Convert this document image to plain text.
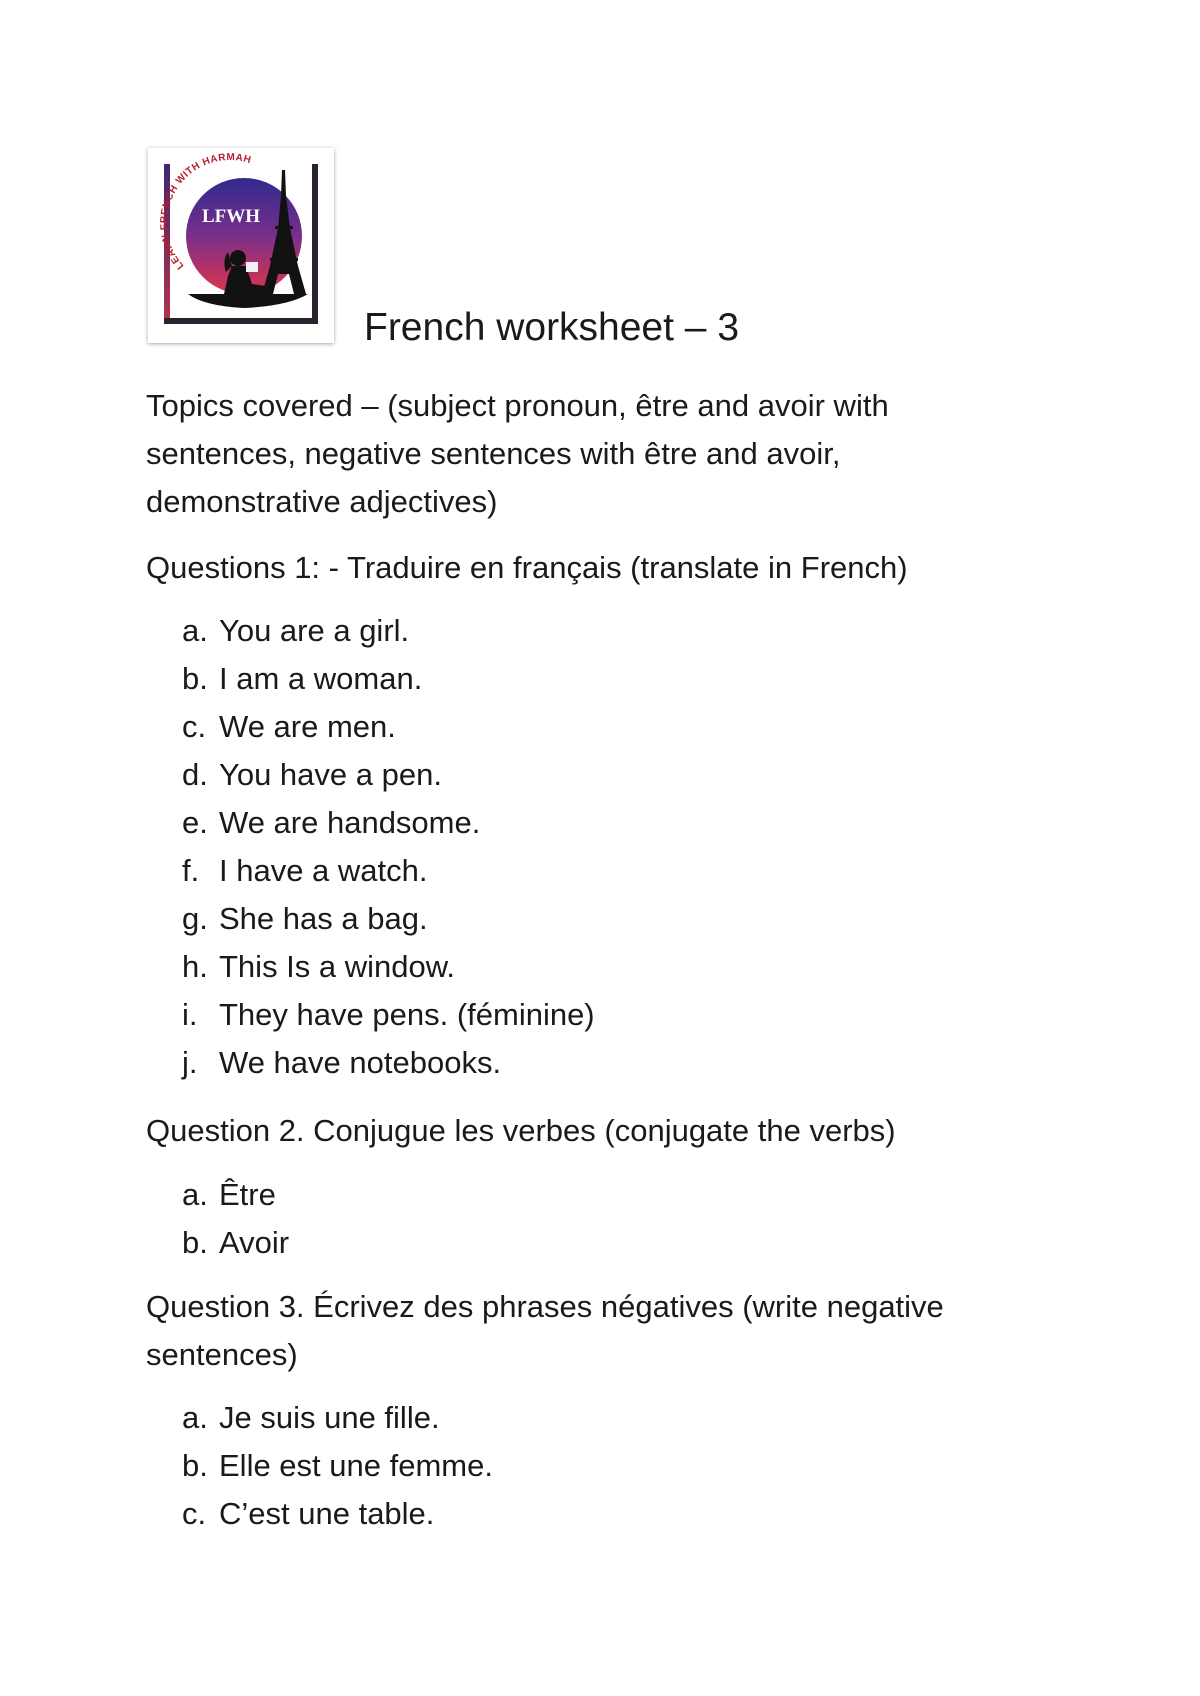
LEARN FRENCH WITH HARMAH
LFWH
✦
French worksheet – 3

Topics covered – (subject pronoun, être and avoir with sentences, negative sentences with être and avoir, demonstrative adjectives)

Questions 1: - Traduire en français (translate in French)

a. You are a girl.
b. I am a woman.
c. We are men.
d. You have a pen.
e. We are handsome.
f. I have a watch.
g. She has a bag.
h. This Is a window.
i. They have pens. (féminine)
j. We have notebooks.

Question 2. Conjugue les verbes (conjugate the verbs)

a. Être
b. Avoir

Question 3. Écrivez des phrases négatives (write negative sentences)

a. Je suis une fille.
b. Elle est une femme.
c. C’est une table.
